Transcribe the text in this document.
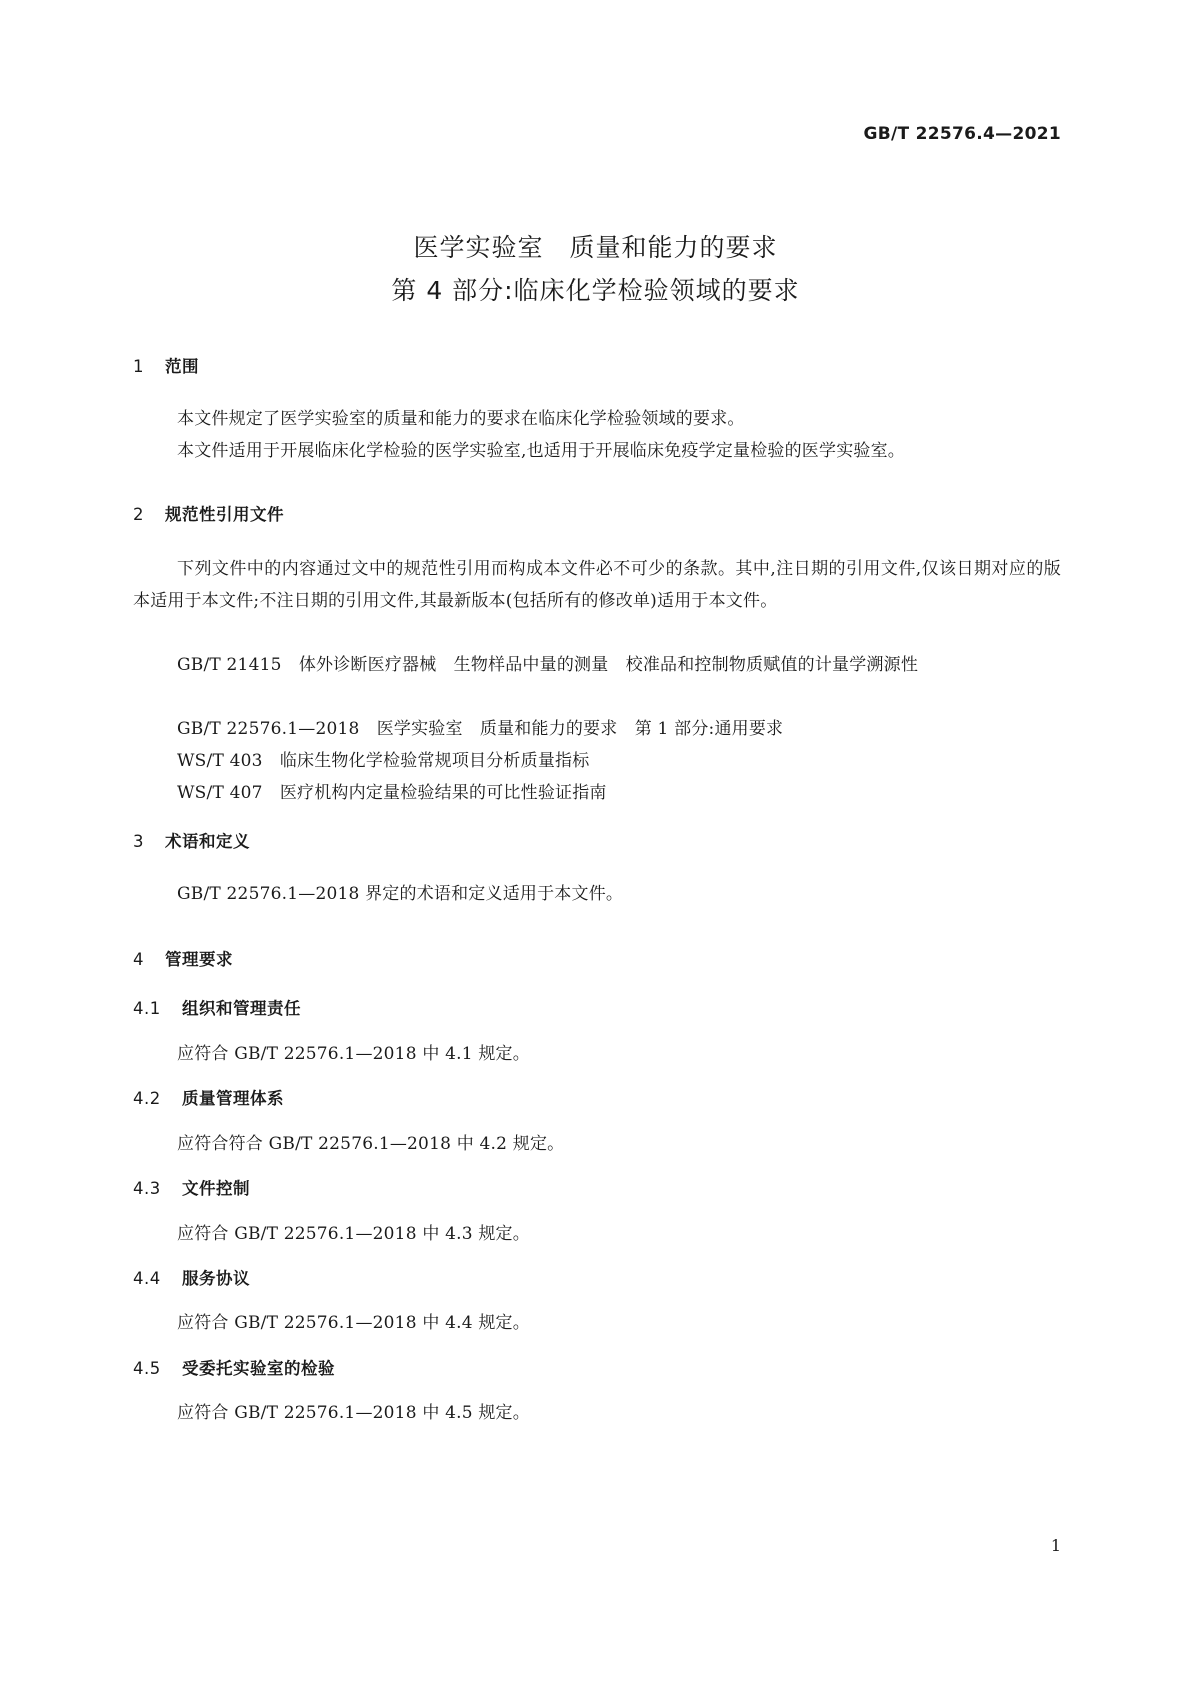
GB/T 22576.4—2021
医学实验室　质量和能力的要求
第 4 部分:临床化学检验领域的要求
1 范围
本文件规定了医学实验室的质量和能力的要求在临床化学检验领域的要求。
本文件适用于开展临床化学检验的医学实验室,也适用于开展临床免疫学定量检验的医学实验室。
2 规范性引用文件
下列文件中的内容通过文中的规范性引用而构成本文件必不可少的条款。其中,注日期的引用文件,仅该日期对应的版本适用于本文件;不注日期的引用文件,其最新版本(包括所有的修改单)适用于本文件。
GB/T 21415　体外诊断医疗器械　生物样品中量的测量　校准品和控制物质赋值的计量学溯源性
GB/T 22576.1—2018　医学实验室　质量和能力的要求　第 1 部分:通用要求
WS/T 403　临床生物化学检验常规项目分析质量指标
WS/T 407　医疗机构内定量检验结果的可比性验证指南
3 术语和定义
GB/T 22576.1—2018 界定的术语和定义适用于本文件。
4 管理要求
4.1 组织和管理责任
应符合 GB/T 22576.1—2018 中 4.1 规定。
4.2 质量管理体系
应符合符合 GB/T 22576.1—2018 中 4.2 规定。
4.3 文件控制
应符合 GB/T 22576.1—2018 中 4.3 规定。
4.4 服务协议
应符合 GB/T 22576.1—2018 中 4.4 规定。
4.5 受委托实验室的检验
应符合 GB/T 22576.1—2018 中 4.5 规定。
1
